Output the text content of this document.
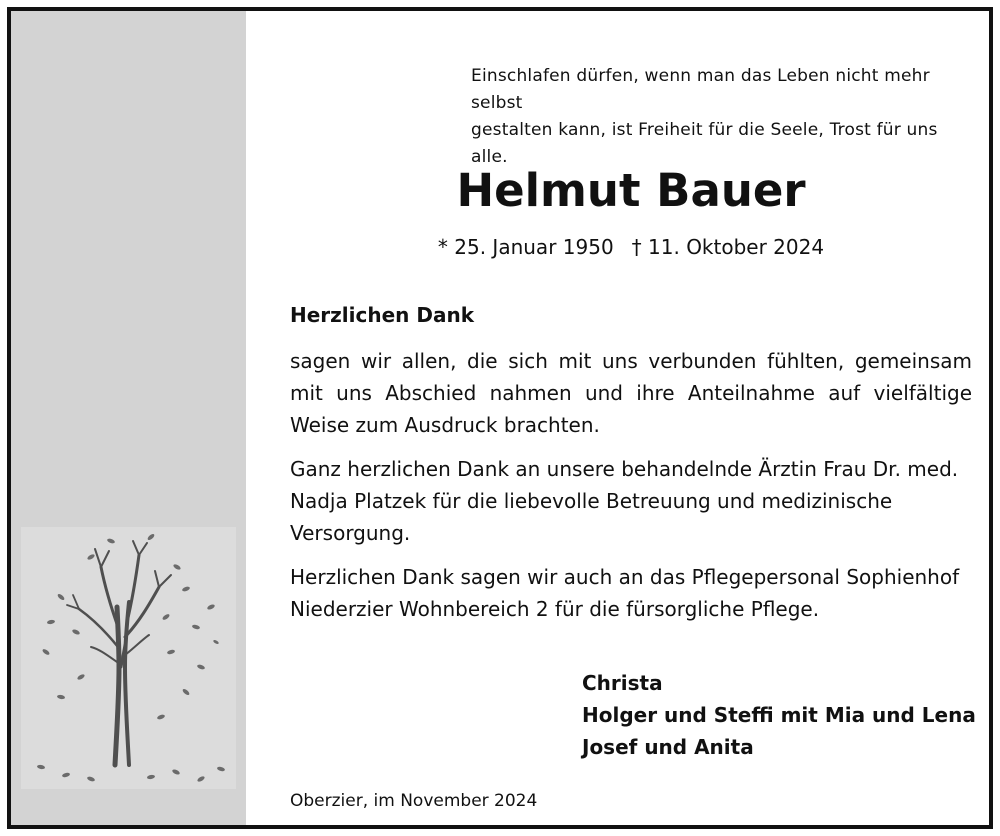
Einschlafen dürfen, wenn man das Leben nicht mehr selbst
gestalten kann, ist Freiheit für die Seele, Trost für uns alle.
Helmut Bauer
* 25. Januar 1950 † 11. Oktober 2024
Herzlichen Dank
sagen wir allen, die sich mit uns verbunden fühlten, gemeinsam mit uns Abschied nahmen und ihre Anteilnahme auf vielfältige Weise zum Ausdruck brachten.
Ganz herzlichen Dank an unsere behandelnde Ärztin Frau Dr. med. Nadja Platzek für die liebevolle Betreuung und medizinische Versorgung.
Herzlichen Dank sagen wir auch an das Pflegepersonal Sophienhof Niederzier Wohnbereich 2 für die fürsorgliche Pflege.
Christa
Holger und Steffi mit Mia und Lena
Josef und Anita
Oberzier, im November 2024
